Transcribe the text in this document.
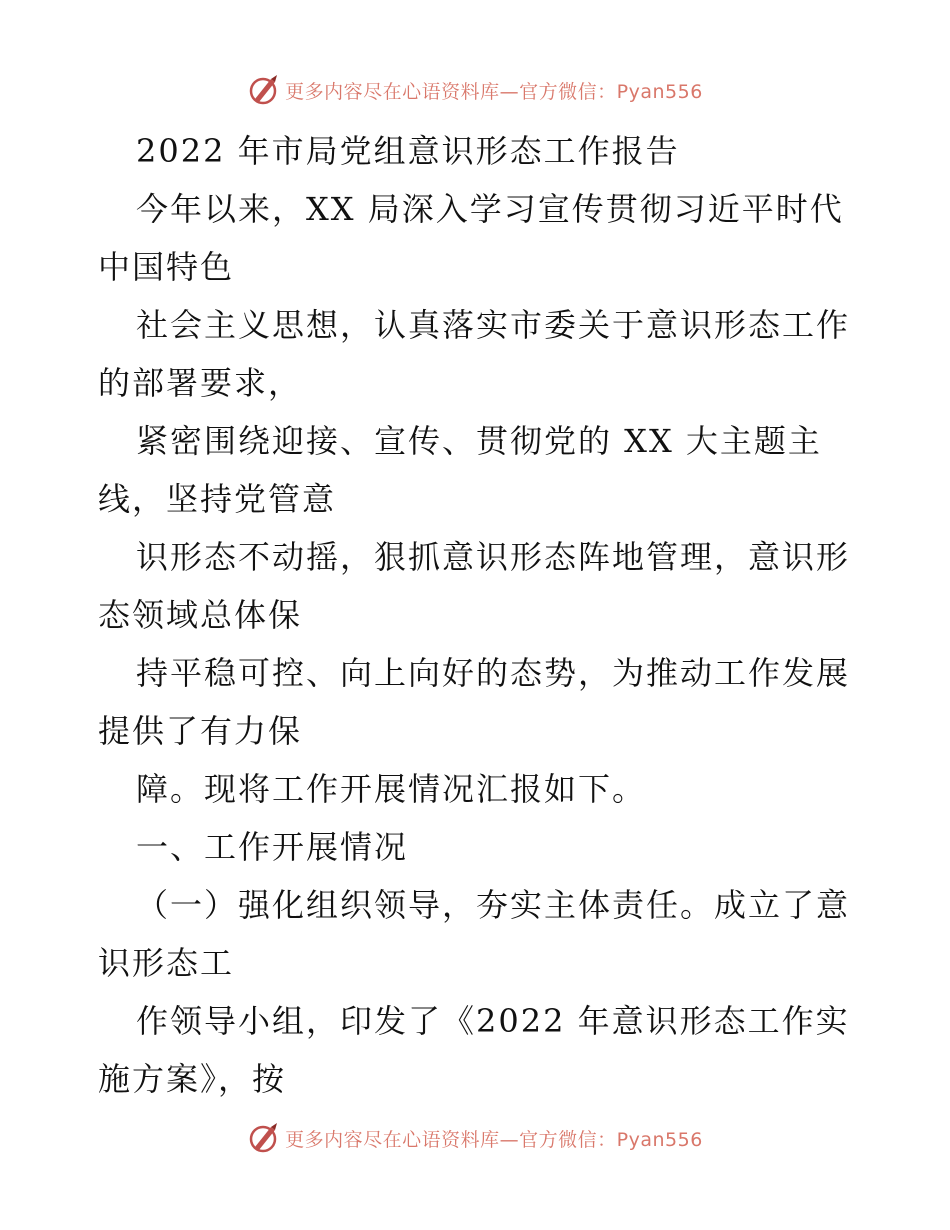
更多内容尽在心语资料库—官方微信：Pyan556
2022 年市局党组意识形态工作报告
今年以来，XX 局深入学习宣传贯彻习近平时代
中国特色
社会主义思想，认真落实市委关于意识形态工作
的部署要求，
紧密围绕迎接、宣传、贯彻党的 XX 大主题主
线，坚持党管意
识形态不动摇，狠抓意识形态阵地管理，意识形
态领域总体保
持平稳可控、向上向好的态势，为推动工作发展
提供了有力保
障。现将工作开展情况汇报如下。
一、工作开展情况
（一）强化组织领导，夯实主体责任。成立了意
识形态工
作领导小组，印发了《2022 年意识形态工作实
施方案》，按
更多内容尽在心语资料库—官方微信：Pyan556
